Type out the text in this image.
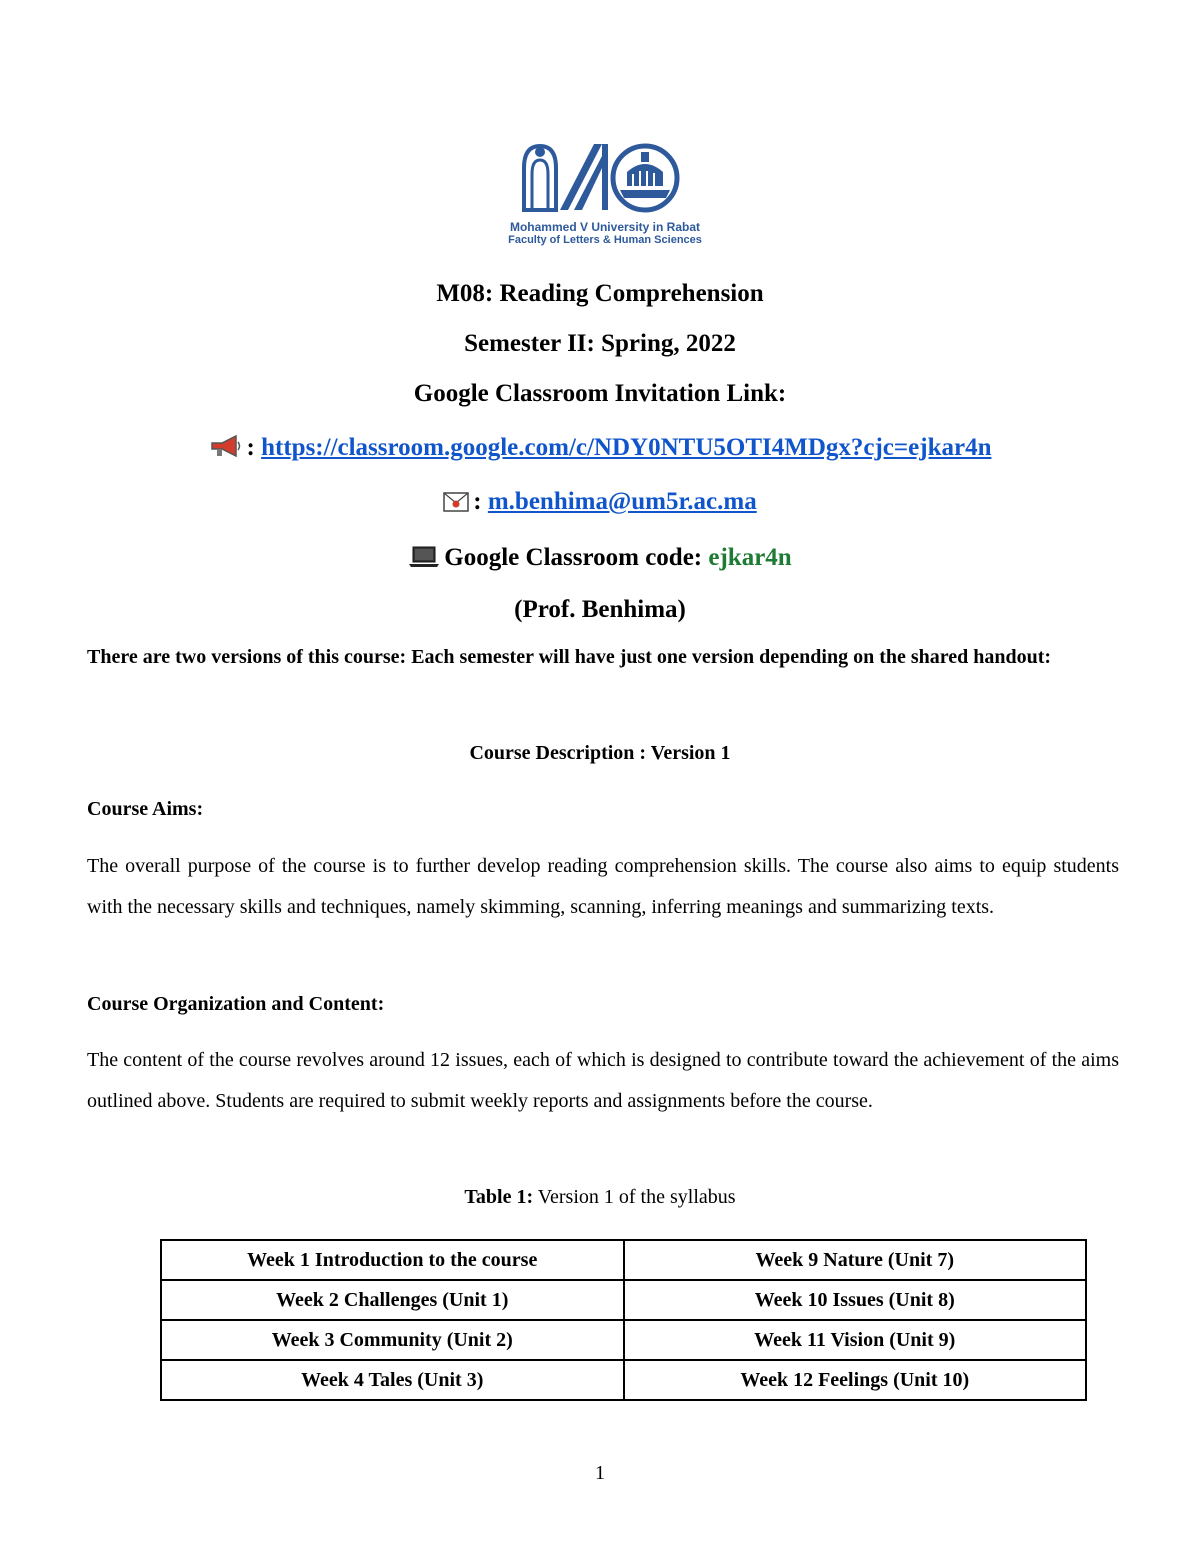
Mohammed V University in Rabat
Faculty of Letters & Human Sciences
M08: Reading Comprehension
Semester II: Spring, 2022
Google Classroom Invitation Link:
: https://classroom.google.com/c/NDY0NTU5OTI4MDgx?cjc=ejkar4n
: m.benhima@um5r.ac.ma
Google Classroom code: ejkar4n
(Prof. Benhima)
There are two versions of this course: Each semester will have just one version depending on the shared handout:
Course Description : Version 1
Course Aims:
The overall purpose of the course is to further develop reading comprehension skills. The course also aims to equip students with the necessary skills and techniques, namely skimming, scanning, inferring meanings and summarizing texts.
Course Organization and Content:
The content of the course revolves around 12 issues, each of which is designed to contribute toward the achievement of the aims outlined above. Students are required to submit weekly reports and assignments before the course.
Table 1: Version 1 of the syllabus
Week 1 Introduction to the course	Week 9 Nature (Unit 7)
Week 2 Challenges (Unit 1)	Week 10 Issues (Unit 8)
Week 3 Community (Unit 2)	Week 11 Vision (Unit 9)
Week 4 Tales (Unit 3)	Week 12 Feelings (Unit 10)
1
